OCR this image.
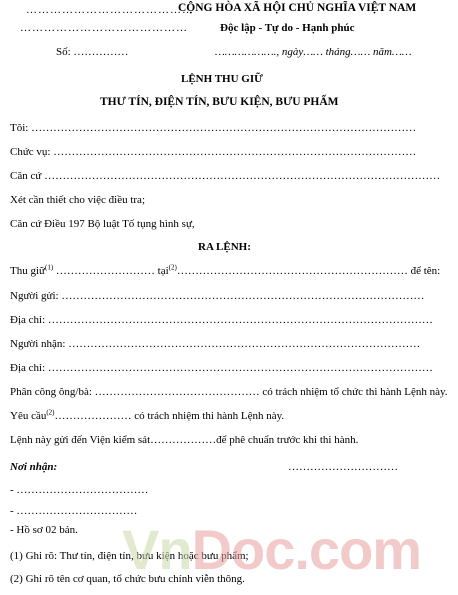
……………………………………
……………………………………
Số: ……………
CỘNG HÒA XÃ HỘI CHỦ NGHĨA VIỆT NAM
Độc lập - Tự do - Hạnh phúc
………………., ngày…… tháng…… năm……
LỆNH THU GIỮ
THƯ TÍN, ĐIỆN TÍN, BƯU KIỆN, BƯU PHẨM
Tôi: ……………………………………………………………………………………………
Chức vụ: ………………………………………………………………………………………
Căn cứ ………………………………………………………………………………………………
Xét cần thiết cho việc điều tra;
Căn cứ Điều 197 Bộ luật Tố tụng hình sự,
RA LỆNH:
Thu giữ$^{(1)}$ ……………………… tại$^{(2)}$……………………………………………………… để tên:
Người gửi: ………………………………………………………………………………………
Địa chỉ: ……………………………………………………………………………………………
Người nhận: ……………………………………………………………………………………
Địa chỉ: ……………………………………………………………………………………………
Phân công ông/bà: ……………………………………… có trách nhiệm tổ chức thi hành Lệnh này.
Yêu cầu$^{(2)}$………………… có trách nhiệm thi hành Lệnh này.
Lệnh này gửi đến Viện kiểm sát………………để phê chuẩn trước khi thi hành.
Nơi nhận:	…………………………
- ………………………………
- ……………………………
- Hồ sơ 02 bản.
(1) Ghi rõ: Thư tín, điện tín, bưu kiện hoặc bưu phẩm;
(2) Ghi rõ tên cơ quan, tổ chức bưu chính viễn thông.
VnDoc.com
